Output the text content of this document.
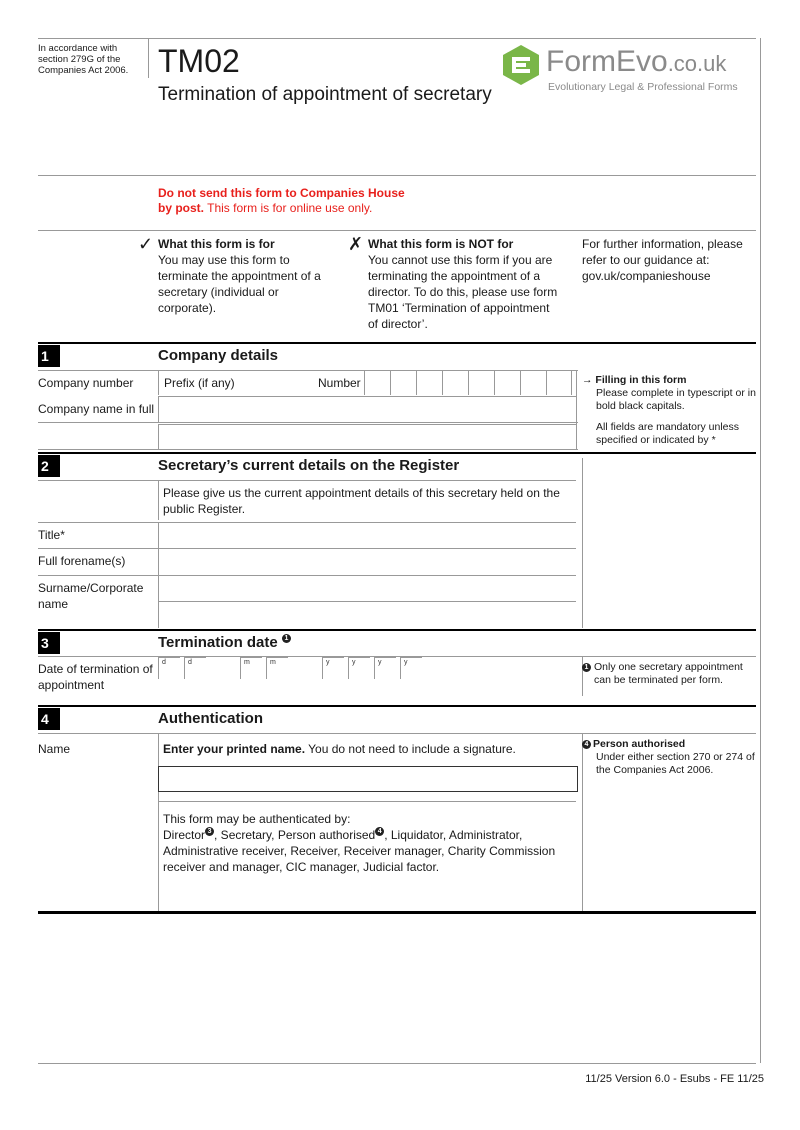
In accordance with
section 279G of the
Companies Act 2006. TM02
Termination of appointment of secretary
FormEvo.co.uk
Evolutionary Legal & Professional Forms
Do not send this form to Companies House by post. This form is for online use only.
✓ What this form is for
You may use this form to terminate the appointment of a secretary (individual or corporate).
✗ What this form is NOT for
You cannot use this form if you are terminating the appointment of a director. To do this, please use form TM01 ‘Termination of appointment of director’.
For further information, please refer to our guidance at: gov.uk/companieshouse
1	Company details
Company number	Prefix (if any)	Number
Company name in full
→ Filling in this form
Please complete in typescript or in bold black capitals.
All fields are mandatory unless specified or indicated by *
2	Secretary’s current details on the Register
Please give us the current appointment details of this secretary held on the public Register.
Title*
Full forename(s)
Surname/Corporate name
3	Termination date 1
Date of termination of appointment
d	d	m	m	y	y	y	y
1 Only one secretary appointment can be terminated per form.
4	Authentication
Name	Enter your printed name. You do not need to include a signature.
This form may be authenticated by:
Director 3 , Secretary, Person authorised 4 , Liquidator, Administrator, Administrative receiver, Receiver, Receiver manager, Charity Commission receiver and manager, CIC manager, Judicial factor.
4 Person authorised
Under either section 270 or 274 of the Companies Act 2006.
11/25 Version 6.0 - Esubs - FE 11/25
